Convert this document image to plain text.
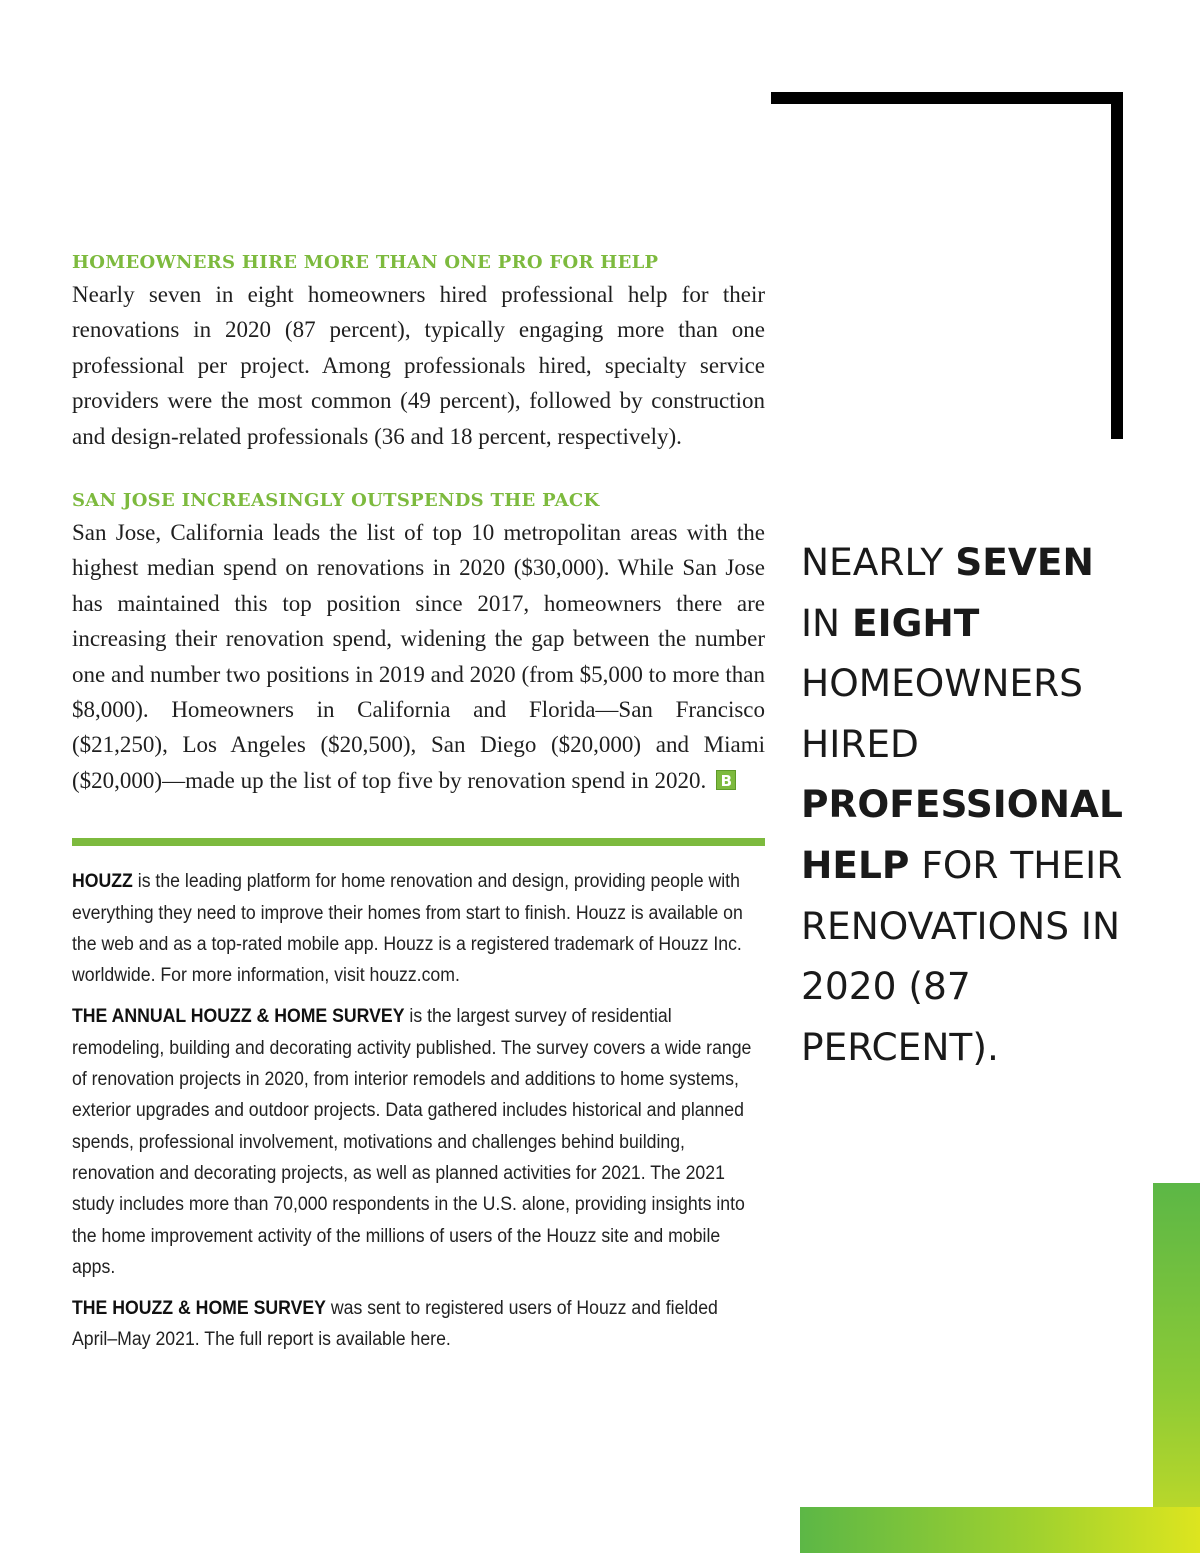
HOMEOWNERS HIRE MORE THAN ONE PRO FOR HELP

Nearly seven in eight homeowners hired professional help for their renovations in 2020 (87 percent), typically engaging more than one professional per project. Among professionals hired, specialty service providers were the most common (49 percent), followed by construction and design-related professionals (36 and 18 percent, respectively).

SAN JOSE INCREASINGLY OUTSPENDS THE PACK

San Jose, California leads the list of top 10 metropolitan areas with the highest median spend on renovations in 2020 ($30,000). While San Jose has maintained this top position since 2017, homeowners there are increasing their renovation spend, widening the gap between the number one and number two positions in 2019 and 2020 (from $5,000 to more than $8,000). Homeowners in California and Florida—San Francisco ($21,250), Los Angeles ($20,500), San Diego ($20,000) and Miami ($20,000)—made up the list of top five by renovation spend in 2020. B

HOUZZ is the leading platform for home renovation and design, providing people with everything they need to improve their homes from start to finish. Houzz is available on the web and as a top-rated mobile app. Houzz is a registered trademark of Houzz Inc. worldwide. For more information, visit houzz.com.

THE ANNUAL HOUZZ & HOME SURVEY is the largest survey of residential remodeling, building and decorating activity published. The survey covers a wide range of renovation projects in 2020, from interior remodels and additions to home systems, exterior upgrades and outdoor projects. Data gathered includes historical and planned spends, professional involvement, motivations and challenges behind building, renovation and decorating projects, as well as planned activities for 2021. The 2021 study includes more than 70,000 respondents in the U.S. alone, providing insights into the home improvement activity of the millions of users of the Houzz site and mobile apps.

THE HOUZZ & HOME SURVEY was sent to registered users of Houzz and fielded April–May 2021. The full report is available here.

NEARLY SEVEN IN EIGHT HOMEOWNERS HIRED PROFESSIONAL HELP FOR THEIR RENOVATIONS IN 2020 (87 PERCENT).
